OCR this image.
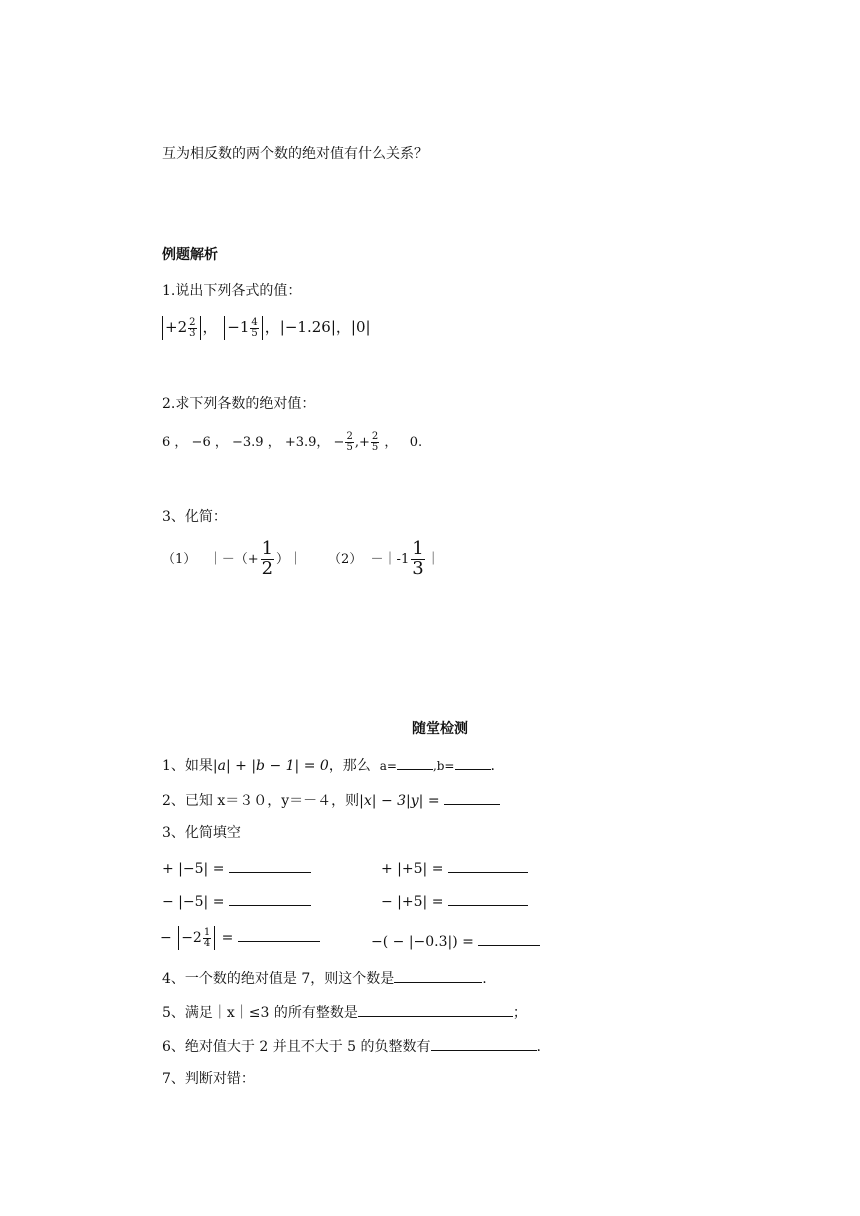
互为相反数的两个数的绝对值有什么关系？
例题解析
1.说出下列各式的值：
$+2 \frac{2}{3}$ ， $-1 \frac{4}{5}$ ，|−1.26|，|0|
2.求下列各数的绝对值：
6 ， −6 ， −3.9 ， +3.9， − $\frac{2}{5}$ ,+ $\frac{2}{5}$ ，   0.
3、化简：
（1） ｜－（+ $\frac{1}{2}$ ）｜ （2） －｜-1 $\frac{1}{3}$ ｜
随堂检测
1、如果|a| + |b − 1| = 0，那么 a=	,b=	.
2、已知 x＝３０，y＝－４，则|x| − 3|y| =
3、化简填空
+ |−5| =	+ |+5| =
− |−5| =	− |+5| =
− $-2 \frac{1}{4}$ =	−( − |−0.3|) =
4、一个数的绝对值是 7，则这个数是	.
5、满足｜x｜≤3 的所有整数是	；
6、绝对值大于 2 并且不大于 5 的负整数有	.
7、判断对错：
